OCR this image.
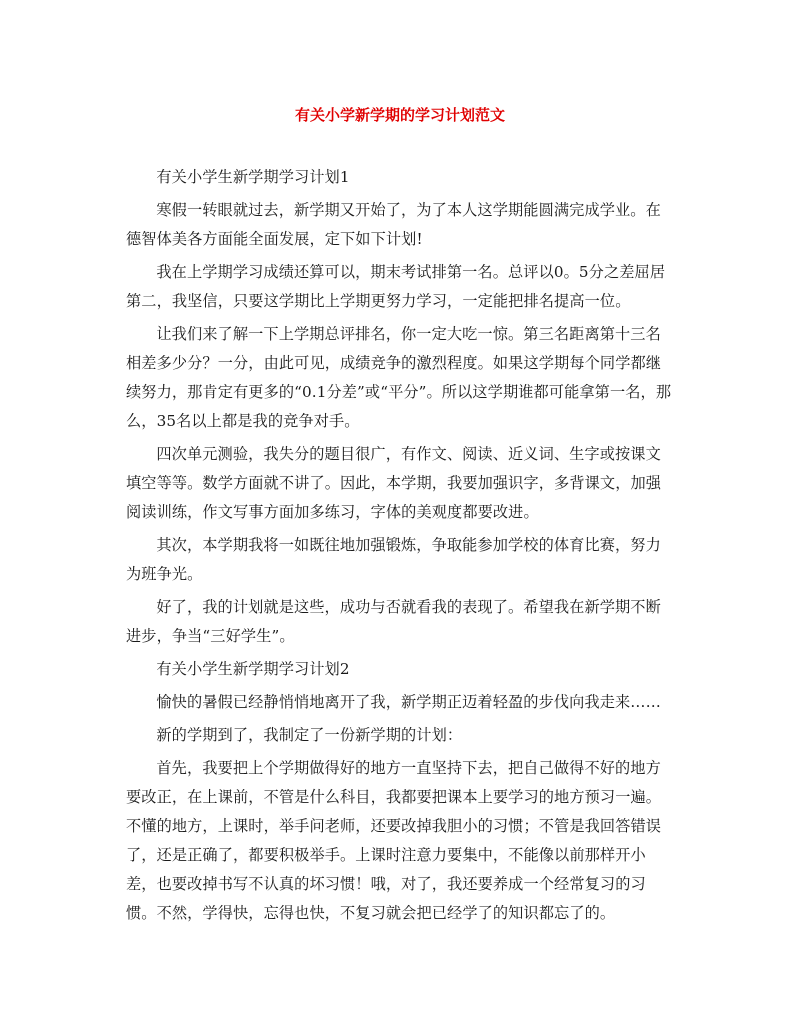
有关小学新学期的学习计划范文

有关小学生新学期学习计划1

寒假一转眼就过去，新学期又开始了，为了本人这学期能圆满完成学业。在德智体美各方面能全面发展，定下如下计划!

我在上学期学习成绩还算可以，期末考试排第一名。总评以0。5分之差屈居第二，我坚信，只要这学期比上学期更努力学习，一定能把排名提高一位。

让我们来了解一下上学期总评排名，你一定大吃一惊。第三名距离第十三名相差多少分？一分，由此可见，成绩竞争的激烈程度。如果这学期每个同学都继续努力，那肯定有更多的“0.1分差”或“平分”。所以这学期谁都可能拿第一名，那么，35名以上都是我的竞争对手。

四次单元测验，我失分的题目很广，有作文、阅读、近义词、生字或按课文填空等等。数学方面就不讲了。因此，本学期，我要加强识字，多背课文，加强阅读训练，作文写事方面加多练习，字体的美观度都要改进。

其次，本学期我将一如既往地加强锻炼，争取能参加学校的体育比赛，努力为班争光。

好了，我的计划就是这些，成功与否就看我的表现了。希望我在新学期不断进步，争当“三好学生”。

有关小学生新学期学习计划2

愉快的暑假已经静悄悄地离开了我，新学期正迈着轻盈的步伐向我走来……

新的学期到了，我制定了一份新学期的计划：

首先，我要把上个学期做得好的地方一直坚持下去，把自己做得不好的地方要改正，在上课前，不管是什么科目，我都要把课本上要学习的地方预习一遍。不懂的地方，上课时，举手问老师，还要改掉我胆小的习惯；不管是我回答错误了，还是正确了，都要积极举手。上课时注意力要集中，不能像以前那样开小差，也要改掉书写不认真的坏习惯！哦，对了，我还要养成一个经常复习的习惯。不然，学得快，忘得也快，不复习就会把已经学了的知识都忘了的。
